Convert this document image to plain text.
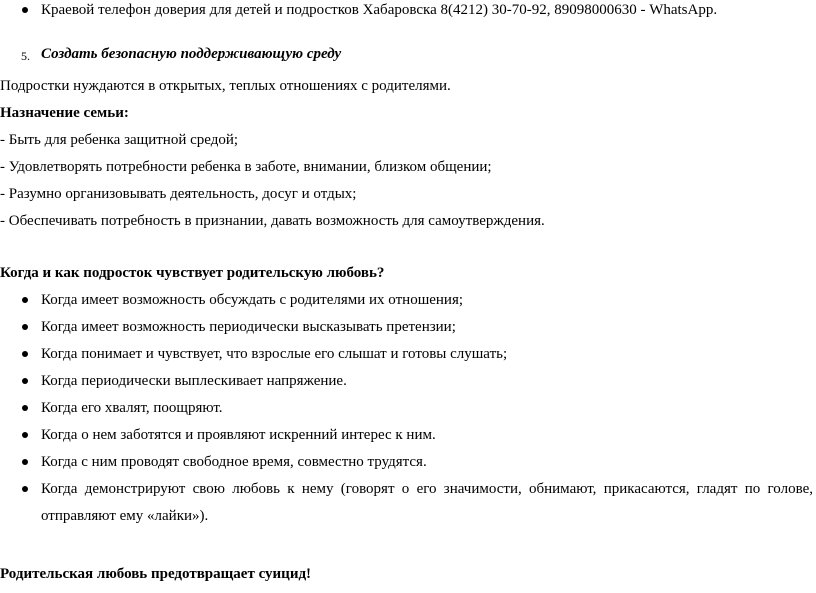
Краевой телефон доверия для детей и подростков Хабаровска 8(4212) 30-70-92, 89098000630 - WhatsApp.
5. Создать безопасную поддерживающую среду
Подростки нуждаются в открытых, теплых отношениях с родителями.
Назначение семьи:
- Быть для ребенка защитной средой;
- Удовлетворять потребности ребенка в заботе, внимании, близком общении;
- Разумно организовывать деятельность, досуг и отдых;
- Обеспечивать потребность в признании, давать возможность для самоутверждения.
Когда и как подросток чувствует родительскую любовь?
Когда имеет возможность обсуждать с родителями их отношения;
Когда имеет возможность периодически высказывать претензии;
Когда понимает и чувствует, что взрослые его слышат и готовы слушать;
Когда периодически выплескивает напряжение.
Когда его хвалят, поощряют.
Когда о нем заботятся и проявляют искренний интерес к ним.
Когда с ним проводят свободное время, совместно трудятся.
Когда демонстрируют свою любовь к нему (говорят о его значимости, обнимают, прикасаются, гладят по голове,
отправляют ему «лайки»).
Родительская любовь предотвращает суицид!
